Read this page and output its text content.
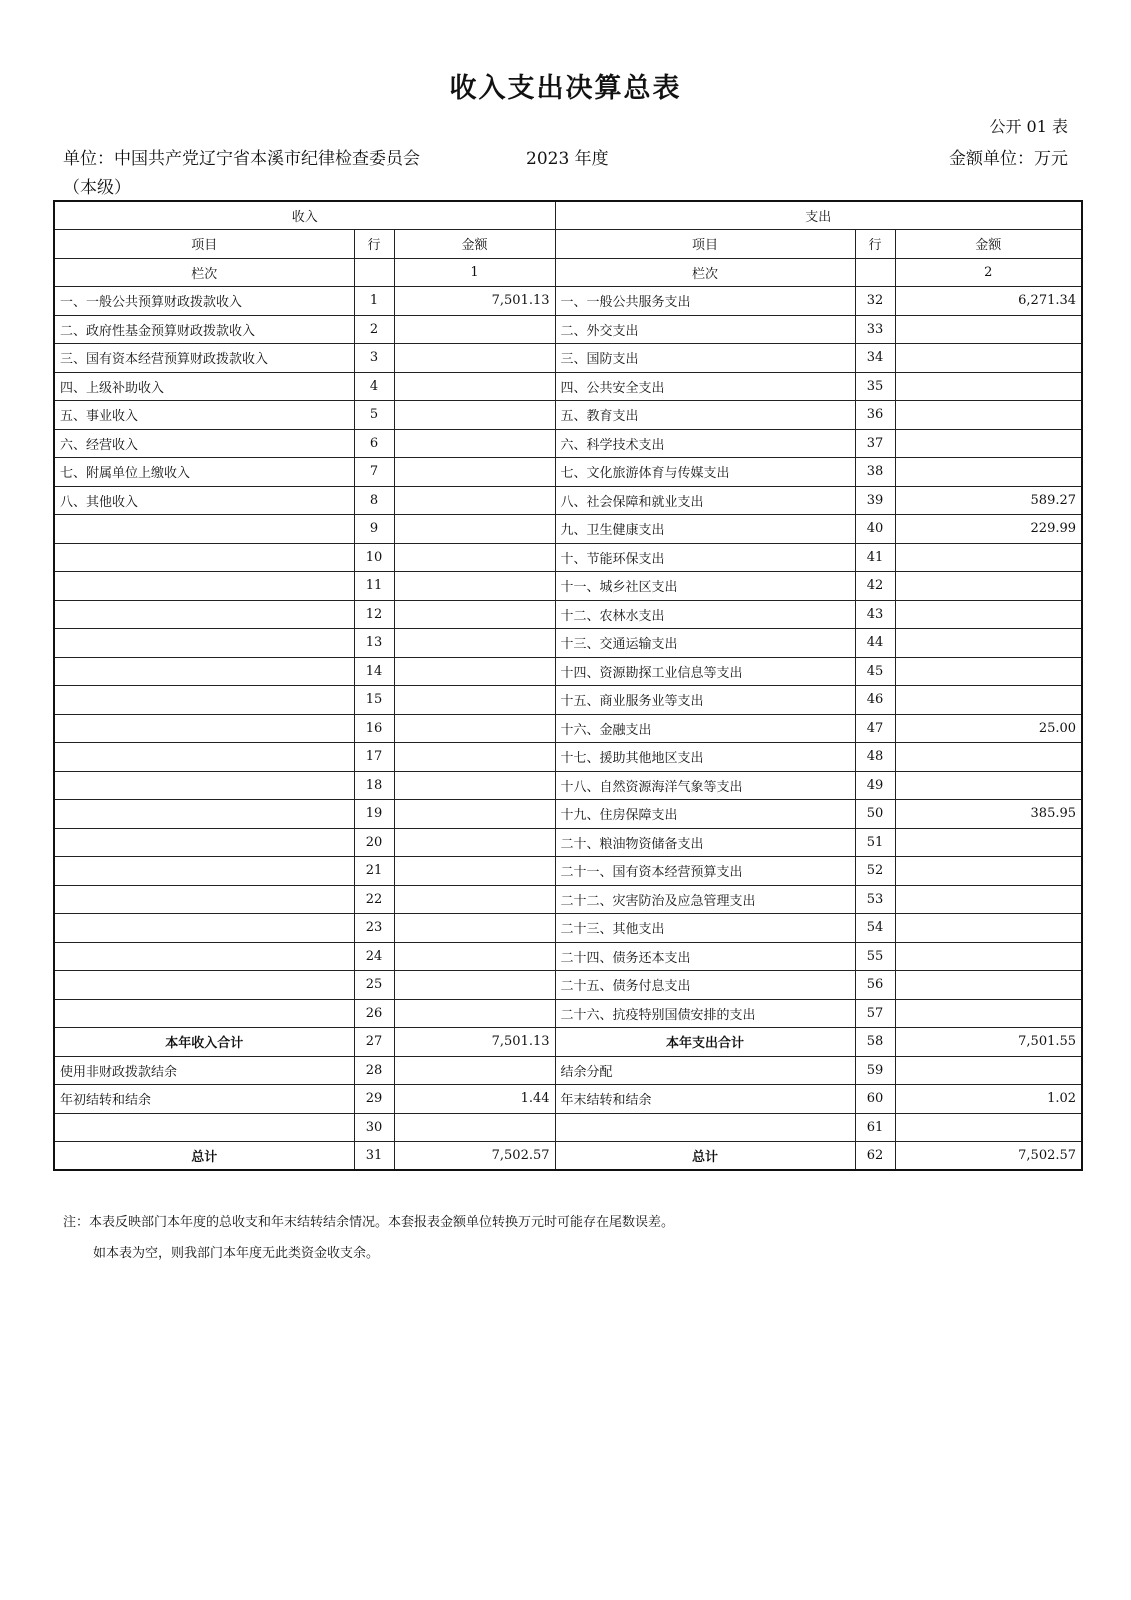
收入支出决算总表
公开 01 表
单位：中国共产党辽宁省本溪市纪律检查委员会	2023 年度	金额单位：万元
（本级）
收入			支出		
项目	行	金额	项目	行	金额
栏次		1	栏次		2
一、一般公共预算财政拨款收入	1	7,501.13	一、一般公共服务支出	32	6,271.34
二、政府性基金预算财政拨款收入	2		二、外交支出	33	
三、国有资本经营预算财政拨款收入	3		三、国防支出	34	
四、上级补助收入	4		四、公共安全支出	35	
五、事业收入	5		五、教育支出	36	
六、经营收入	6		六、科学技术支出	37	
七、附属单位上缴收入	7		七、文化旅游体育与传媒支出	38	
八、其他收入	8		八、社会保障和就业支出	39	589.27
	9		九、卫生健康支出	40	229.99
	10		十、节能环保支出	41	
	11		十一、城乡社区支出	42	
	12		十二、农林水支出	43	
	13		十三、交通运输支出	44	
	14		十四、资源勘探工业信息等支出	45	
	15		十五、商业服务业等支出	46	
	16		十六、金融支出	47	25.00
	17		十七、援助其他地区支出	48	
	18		十八、自然资源海洋气象等支出	49	
	19		十九、住房保障支出	50	385.95
	20		二十、粮油物资储备支出	51	
	21		二十一、国有资本经营预算支出	52	
	22		二十二、灾害防治及应急管理支出	53	
	23		二十三、其他支出	54	
	24		二十四、债务还本支出	55	
	25		二十五、债务付息支出	56	
	26		二十六、抗疫特别国债安排的支出	57	
本年收入合计	27	7,501.13	本年支出合计	58	7,501.55
使用非财政拨款结余	28		结余分配	59	
年初结转和结余	29	1.44	年末结转和结余	60	1.02
	30			61	
总计	31	7,502.57	总计	62	7,502.57
注：本表反映部门本年度的总收支和年末结转结余情况。本套报表金额单位转换万元时可能存在尾数误差。
如本表为空，则我部门本年度无此类资金收支余。
